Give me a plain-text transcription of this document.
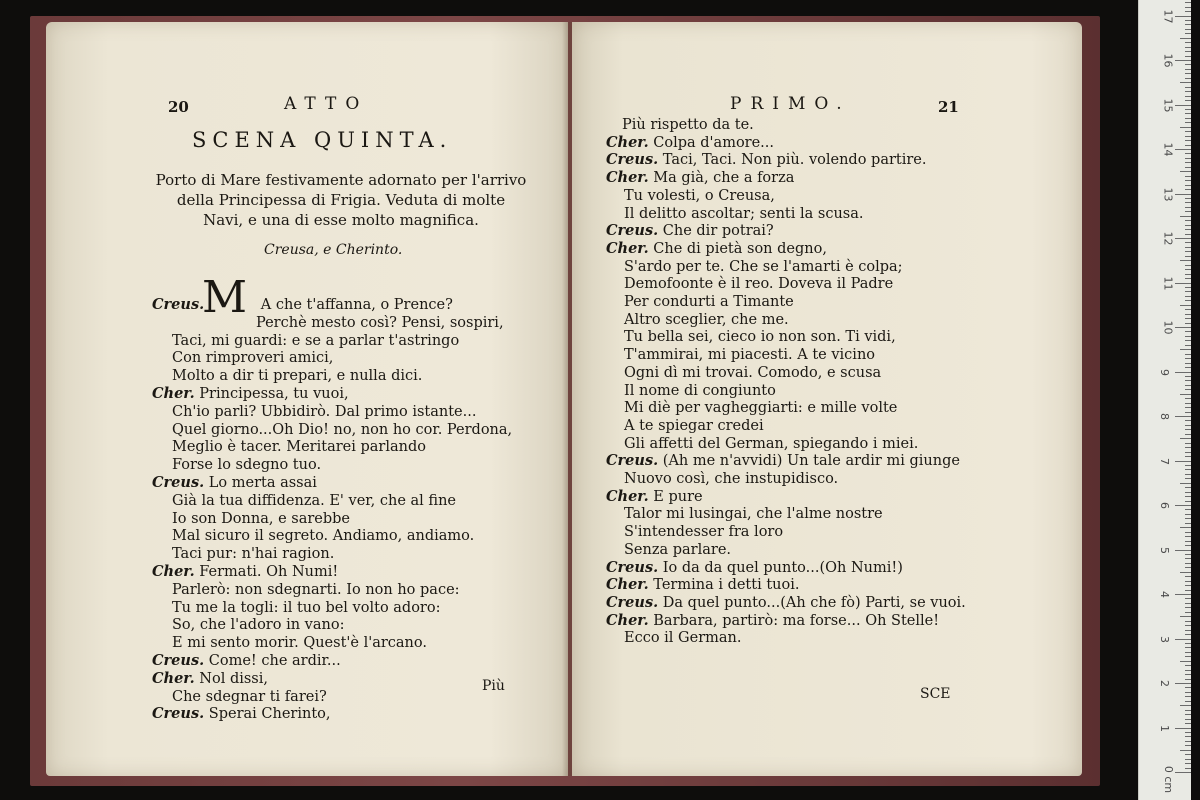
20	ATTO
SCENA QUINTA.
Porto di Mare festivamente adornato per l'arrivo
della Principessa di Frigia. Veduta di molte
Navi, e una di esse molto magnifica.
Creusa, e Cherinto.
M
Creus.	A che t'affanna, o Prence?
Perchè mesto così? Pensi, sospiri,
Taci, mi guardi: e se a parlar t'astringo
Con rimproveri amici,
Molto a dir ti prepari, e nulla dici.
Cher. Principessa, tu vuoi,
Ch'io parli? Ubbidirò. Dal primo istante...
Quel giorno...Oh Dio! no, non ho cor. Perdona,
Meglio è tacer. Meritarei parlando
Forse lo sdegno tuo.
Creus. Lo merta assai
Già la tua diffidenza. E' ver, che al fine
Io son Donna, e sarebbe
Mal sicuro il segreto. Andiamo, andiamo.
Taci pur: n'hai ragion.
Cher. Fermati. Oh Numi!
Parlerò: non sdegnarti. Io non ho pace:
Tu me la togli: il tuo bel volto adoro:
So, che l'adoro in vano:
E mi sento morir. Quest'è l'arcano.
Creus. Come! che ardir...
Cher. Nol dissi,
Che sdegnar ti farei?
Creus. Sperai Cherinto,
Più
PRIMO.	21
Più rispetto da te.
Cher. Colpa d'amore...
Creus. Taci, Taci. Non più. volendo partire.
Cher. Ma già, che a forza
Tu volesti, o Creusa,
Il delitto ascoltar; senti la scusa.
Creus. Che dir potrai?
Cher. Che di pietà son degno,
S'ardo per te. Che se l'amarti è colpa;
Demofoonte è il reo. Doveva il Padre
Per condurti a Timante
Altro sceglier, che me.
Tu bella sei, cieco io non son. Ti vidi,
T'ammirai, mi piacesti. A te vicino
Ogni dì mi trovai. Comodo, e scusa
Il nome di congiunto
Mi diè per vagheggiarti: e mille volte
A te spiegar credei
Gli affetti del German, spiegando i miei.
Creus. (Ah me n'avvidi) Un tale ardir mi giunge
Nuovo così, che instupidisco.
Cher. E pure
Talor mi lusingai, che l'alme nostre
S'intendesser fra loro
Senza parlare.
Creus. Io da da quel punto...(Oh Numi!)
Cher. Termina i detti tuoi.
Creus. Da quel punto...(Ah che fò) Parti, se vuoi.
Cher. Barbara, partirò: ma forse... Oh Stelle!
Ecco il German.
SCE
0 cm
1
2
3
4
5
6
7
8
9
10
11
12
13
14
15
16
17
